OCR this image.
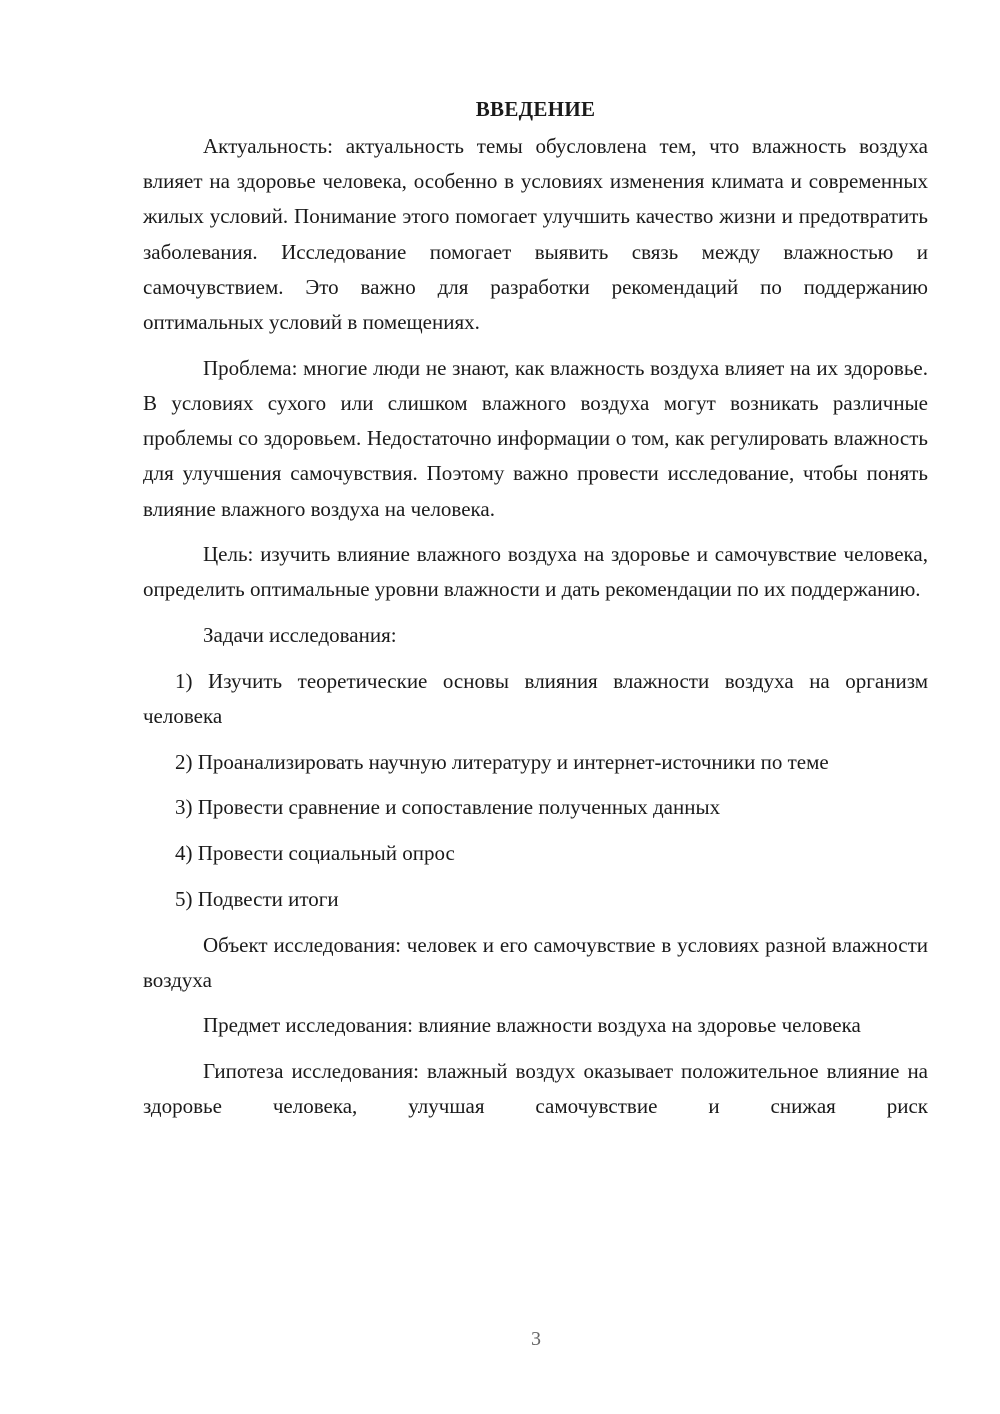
ВВЕДЕНИЕ

Актуальность: актуальность темы обусловлена тем, что влажность воздуха влияет на здоровье человека, особенно в условиях изменения климата и современных жилых условий. Понимание этого помогает улучшить качество жизни и предотвратить заболевания. Исследование помогает выявить связь между влажностью и самочувствием. Это важно для разработки рекомендаций по поддержанию оптимальных условий в помещениях.

Проблема: многие люди не знают, как влажность воздуха влияет на их здоровье. В условиях сухого или слишком влажного воздуха могут возникать различные проблемы со здоровьем. Недостаточно информации о том, как регулировать влажность для улучшения самочувствия. Поэтому важно провести исследование, чтобы понять влияние влажного воздуха на человека.

Цель: изучить влияние влажного воздуха на здоровье и самочувствие человека, определить оптимальные уровни влажности и дать рекомендации по их поддержанию.

Задачи исследования:

1) Изучить теоретические основы влияния влажности воздуха на организм человека

2) Проанализировать научную литературу и интернет-источники по теме

3) Провести сравнение и сопоставление полученных данных

4) Провести социальный опрос

5) Подвести итоги

Объект исследования: человек и его самочувствие в условиях разной влажности воздуха

Предмет исследования: влияние влажности воздуха на здоровье человека

Гипотеза исследования: влажный воздух оказывает положительное влияние на здоровье человека, улучшая самочувствие и снижая риск

3
